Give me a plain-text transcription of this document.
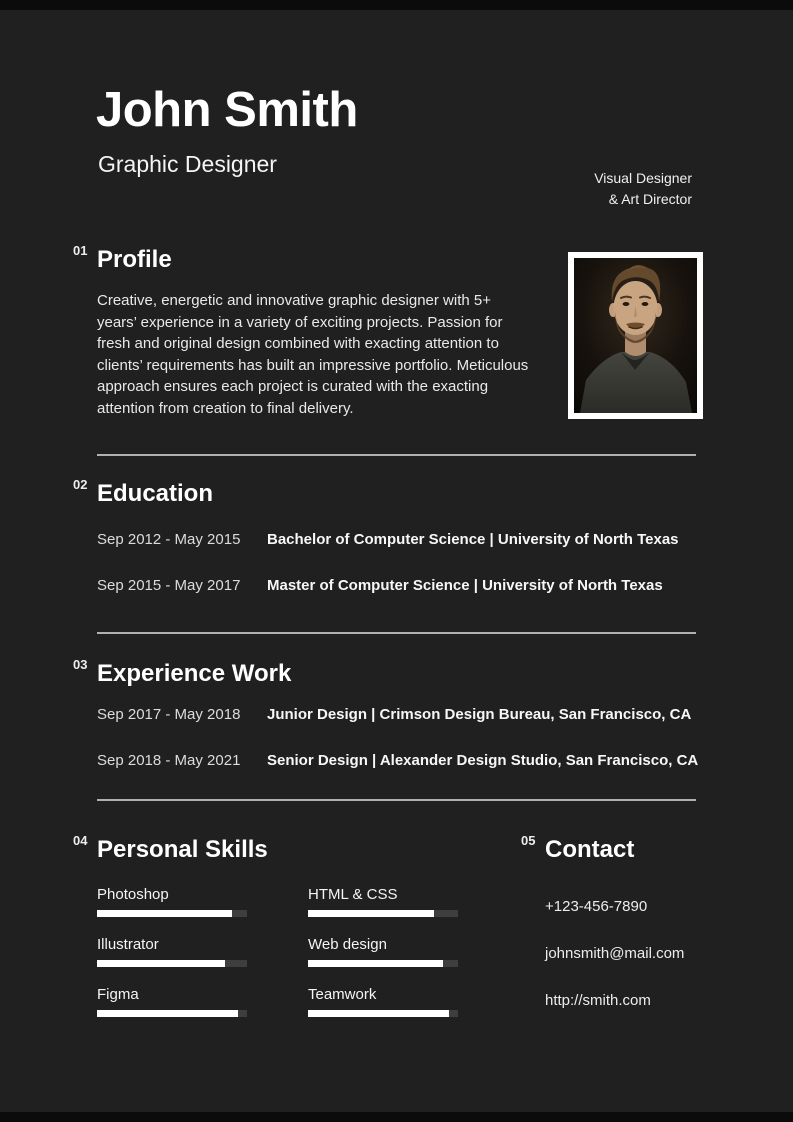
John Smith
Graphic Designer
Visual Designer
& Art Director
01 Profile

Creative, energetic and innovative graphic designer with 5+ years’ experience in a variety of exciting projects. Passion for fresh and original design combined with exacting attention to clients’ requirements has built an impressive portfolio. Meticulous approach ensures each project is curated with the exacting attention from creation to final delivery.

02 Education
Sep 2012 - May 2015	Bachelor of Computer Science | University of North Texas
Sep 2015 - May 2017	Master of Computer Science | University of North Texas
03 Experience Work
Sep 2017 - May 2018	Junior Design | Crimson Design Bureau, San Francisco, CA
Sep 2018 - May 2021	Senior Design | Alexander Design Studio, San Francisco, CA
04 Personal Skills
Photoshop
Illustrator
Figma
HTML & CSS
Web design
Teamwork
05 Contact
+123-456-7890
johnsmith@mail.com
http://smith.com
